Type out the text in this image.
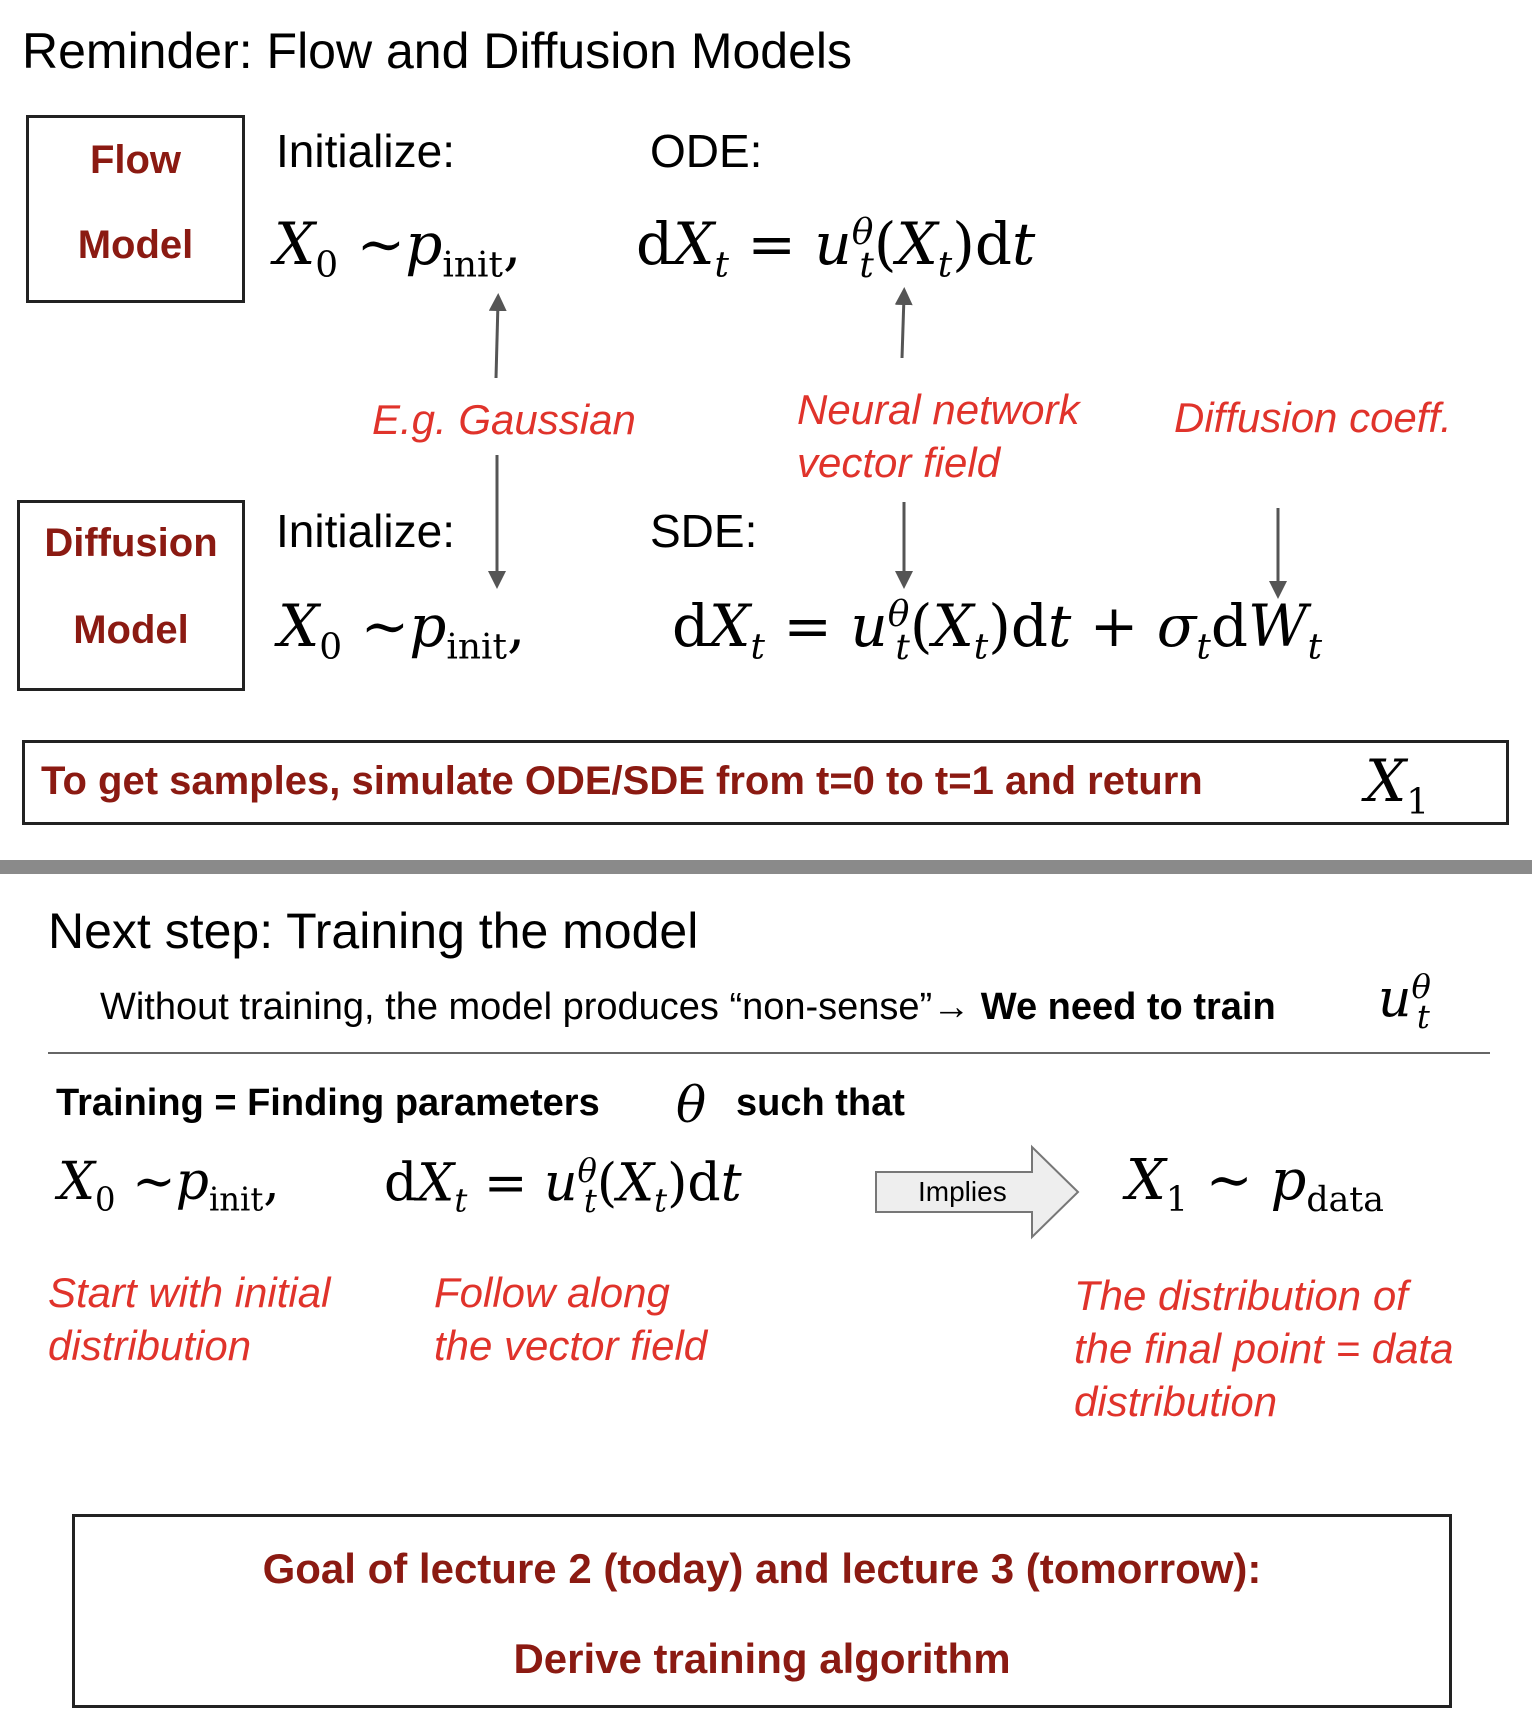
Reminder: Flow and Diffusion Models
Flow
Model
Initialize:	ODE:
$X_0$ $\sim p_{init}$, $dX_t = u^\theta_t(X_t)dt$
Diffusion
Model
Initialize:	SDE:
$X_0$ $\sim p_{init}$,	$dX_t = u^\theta_t(X_t)dt + \sigma_tdW_t$
E.g. Gaussian	Neural network
vector field
Diffusion coeff.
To get samples, simulate ODE/SDE from t=0 to t=1 and return	$X_1$
Next step: Training the model
Without training, the model produces “non-sense”→ We need to train $u^\theta_t$
Training = Finding parameters θ such that
$X_0$ $\sim p_{init}$, $dX_t = u^\theta_t(X_t)dt$	Implies $X_1$ ∼ $p_{data}$
Start with initial
distribution
Follow along
the vector field
The distribution of
the final point = data
distribution
Goal of lecture 2 (today) and lecture 3 (tomorrow):
Derive training algorithm
